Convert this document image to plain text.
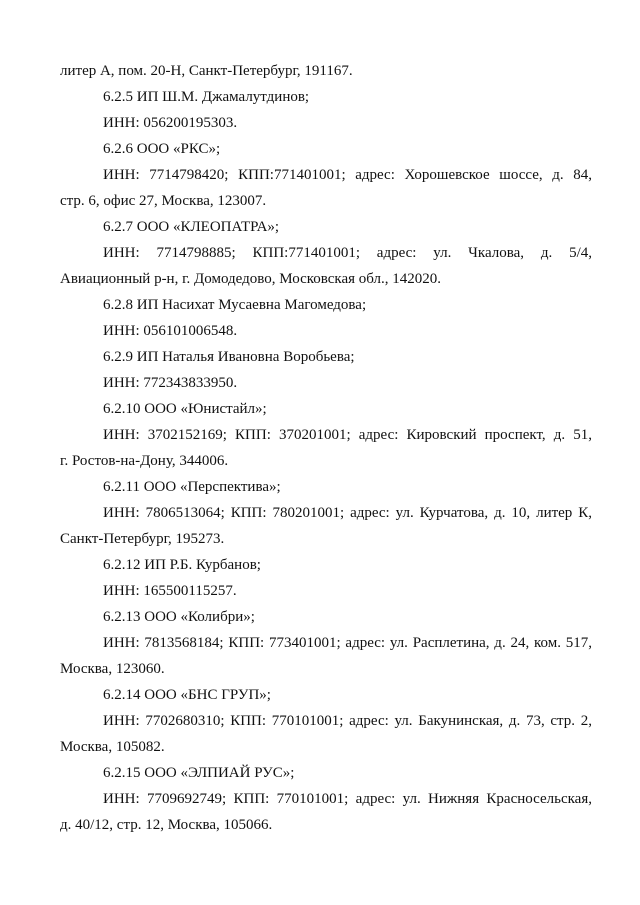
литер А, пом. 20-Н, Санкт-Петербург, 191167.
6.2.5 ИП Ш.М. Джамалутдинов;
ИНН: 056200195303.
6.2.6 ООО «РКС»;
ИНН: 7714798420; КПП:771401001; адрес: Хорошевское шоссе, д. 84,
стр. 6, офис 27, Москва, 123007.
6.2.7 ООО «КЛЕОПАТРА»;
ИНН: 7714798885; КПП:771401001; адрес: ул. Чкалова, д. 5/4,
Авиационный р-н, г. Домодедово, Московская обл., 142020.
6.2.8 ИП Насихат Мусаевна Магомедова;
ИНН: 056101006548.
6.2.9 ИП Наталья Ивановна Воробьева;
ИНН: 772343833950.
6.2.10 ООО «Юнистайл»;
ИНН: 3702152169; КПП: 370201001; адрес: Кировский проспект, д. 51,
г. Ростов-на-Дону, 344006.
6.2.11 ООО «Перспектива»;
ИНН: 7806513064; КПП: 780201001; адрес: ул. Курчатова, д. 10, литер К,
Санкт-Петербург, 195273.
6.2.12 ИП Р.Б. Курбанов;
ИНН: 165500115257.
6.2.13 ООО «Колибри»;
ИНН: 7813568184; КПП: 773401001; адрес: ул. Расплетина, д. 24, ком. 517,
Москва, 123060.
6.2.14 ООО «БНС ГРУП»;
ИНН: 7702680310; КПП: 770101001; адрес: ул. Бакунинская, д. 73, стр. 2,
Москва, 105082.
6.2.15 ООО «ЭЛПИАЙ РУС»;
ИНН: 7709692749; КПП: 770101001; адрес: ул. Нижняя Красносельская,
д. 40/12, стр. 12, Москва, 105066.
